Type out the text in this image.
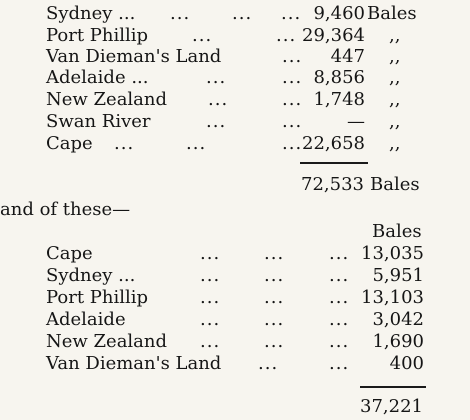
Sydney ... ... ... ... 9,460 Bales
Port Phillip ...	... 29,364 ,,
Van Dieman's Land	...	447 ,,
Adelaide ...	...	... 8,856 ,,
New Zealand ...	... 1,748 ,,
Swan River	...	...	— ,,
Cape ...	...	... 22,658 ,,
72,533 Bales
and of these—
Bales
Cape	... ... ... 13,035
Sydney ...	... ... ...	5,951
Port Phillip	... ... ... 13,103
Adelaide	... ... ...	3,042
New Zealand ... ... ...	1,690
Van Dieman's Land ...	...	400
37,221
